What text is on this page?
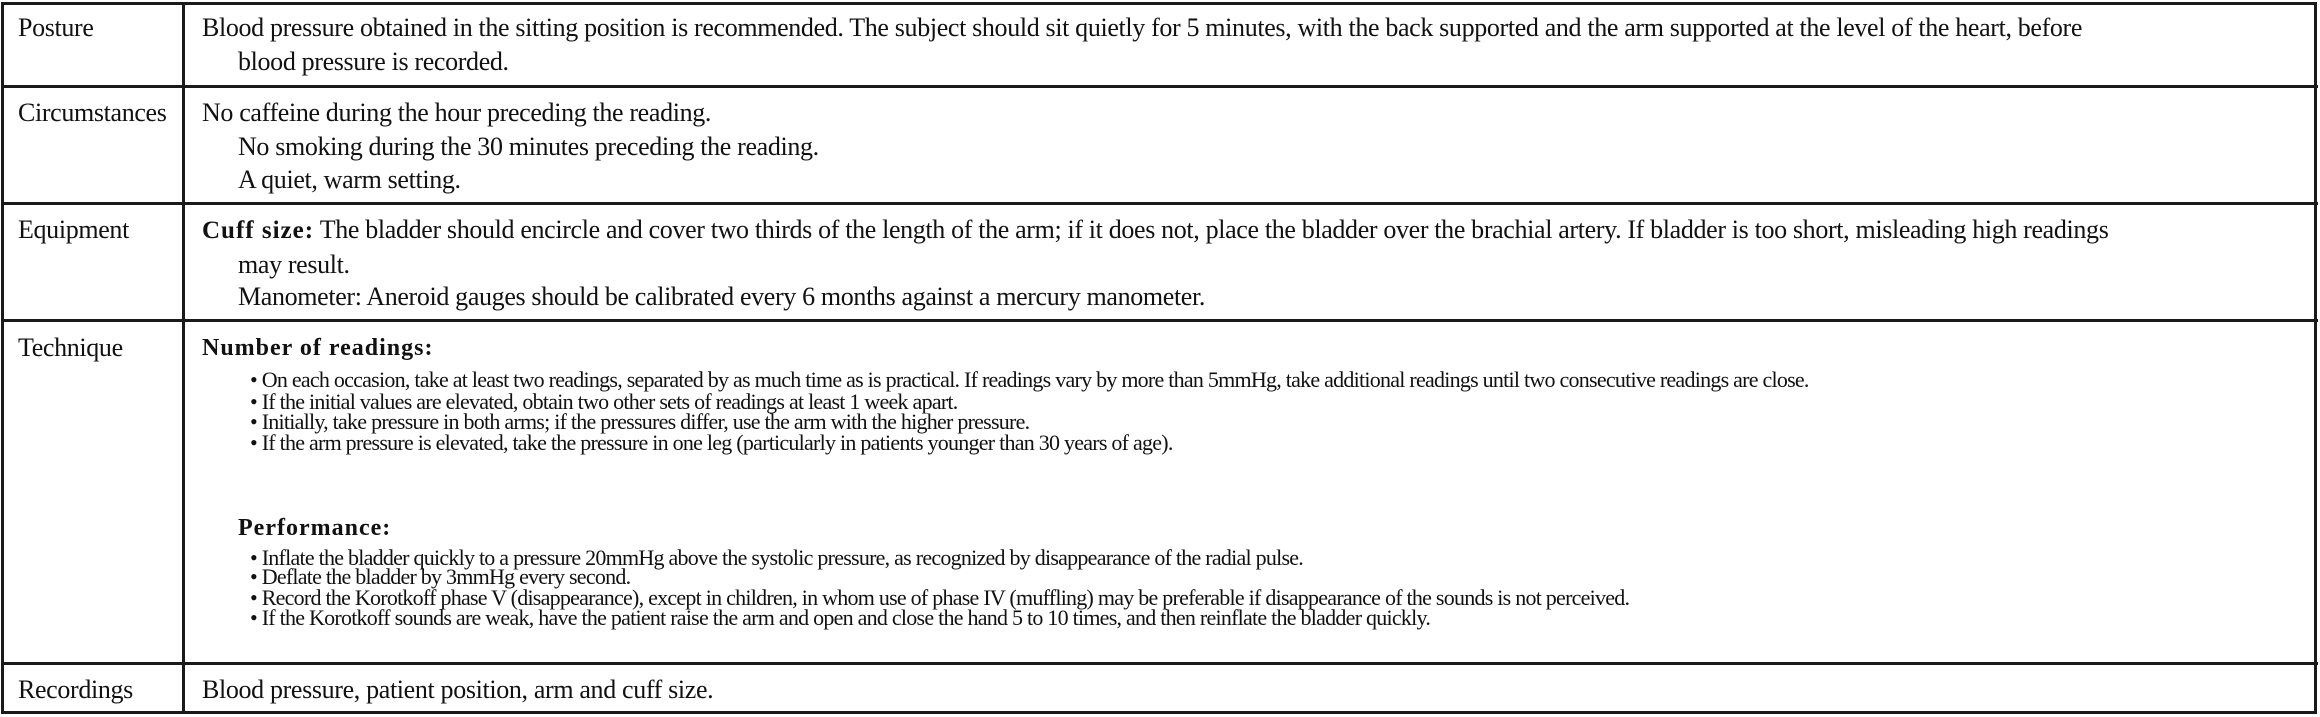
Posture	Blood pressure obtained in the sitting position is recommended. The subject should sit quietly for 5 minutes, with the back supported and the arm supported at the level of the heart, before
blood pressure is recorded.
Circumstances No caffeine during the hour preceding the reading.
No smoking during the 30 minutes preceding the reading.
A quiet, warm setting.
Equipment	Cuff size: The bladder should encircle and cover two thirds of the length of the arm; if it does not, place the bladder over the brachial artery. If bladder is too short, misleading high readings
may result.
Manometer: Aneroid gauges should be calibrated every 6 months against a mercury manometer.
Technique	Number of readings:
• On each occasion, take at least two readings, separated by as much time as is practical. If readings vary by more than 5mmHg, take additional readings until two consecutive readings are close.
• If the initial values are elevated, obtain two other sets of readings at least 1 week apart.
• Initially, take pressure in both arms; if the pressures differ, use the arm with the higher pressure.
• If the arm pressure is elevated, take the pressure in one leg (particularly in patients younger than 30 years of age).
Performance:
• Inflate the bladder quickly to a pressure 20mmHg above the systolic pressure, as recognized by disappearance of the radial pulse.
• Deflate the bladder by 3mmHg every second.
• Record the Korotkoff phase V (disappearance), except in children, in whom use of phase IV (muffling) may be preferable if disappearance of the sounds is not perceived.
• If the Korotkoff sounds are weak, have the patient raise the arm and open and close the hand 5 to 10 times, and then reinflate the bladder quickly.
Recordings	Blood pressure, patient position, arm and cuff size.
